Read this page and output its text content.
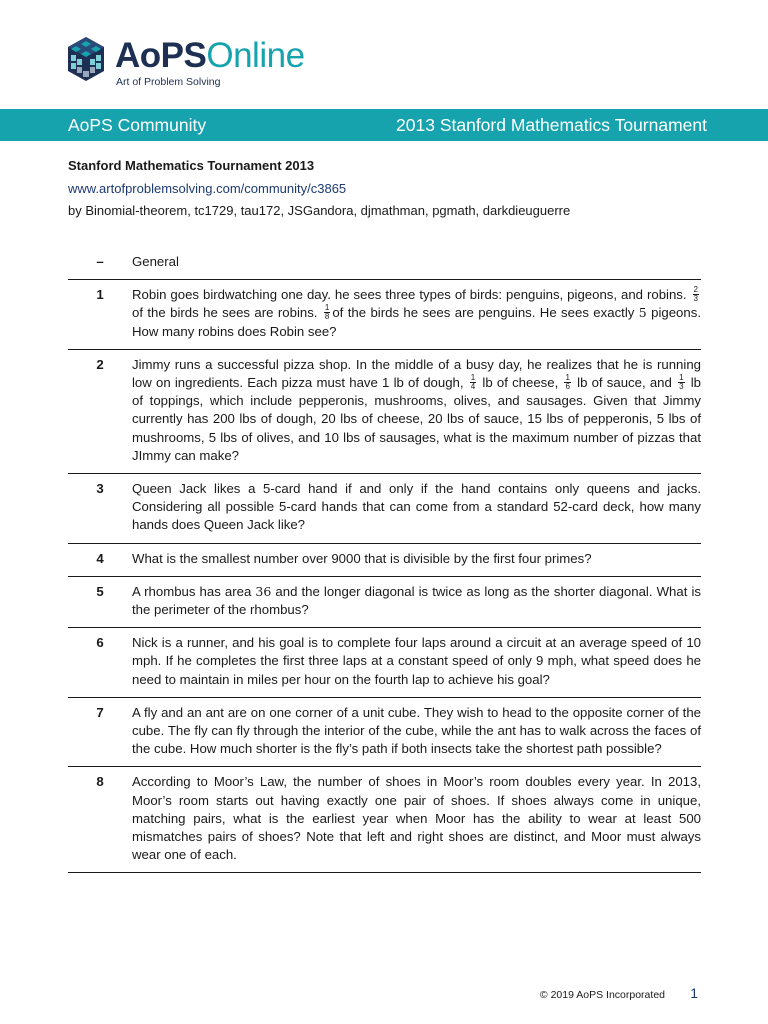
AoPSOnline
Art of Problem Solving
AoPS Community	2013 Stanford Mathematics Tournament
Stanford Mathematics Tournament 2013
www.artofproblemsolving.com/community/c3865
by Binomial-theorem, tc1729, tau172, JSGandora, djmathman, pgmath, darkdieuguerre
–	General
1	Robin goes birdwatching one day. he sees three types of birds: penguins, pigeons, and robins. $\frac{2}{3}$
of the birds he sees are robins. $\frac{1}{8}$ of the birds he sees are penguins. He sees exactly 5 pigeons. How many robins does Robin see?
2	Jimmy runs a successful pizza shop. In the middle of a busy day, he realizes that he is running low on ingredients. Each pizza must have 1 lb of dough, $\frac{1}{4}$ lb of cheese, $\frac{1}{6}$ lb of sauce, and $\frac{1}{3}$ lb of toppings, which include pepperonis, mushrooms, olives, and sausages. Given that Jimmy currently has 200 lbs of dough, 20 lbs of cheese, 20 lbs of sauce, 15 lbs of pepperonis, 5 lbs of mushrooms, 5 lbs of olives, and 10 lbs of sausages, what is the maximum number of pizzas that JImmy can make?
3	Queen Jack likes a 5-card hand if and only if the hand contains only queens and jacks. Considering all possible 5-card hands that can come from a standard 52-card deck, how many hands does Queen Jack like?
4	What is the smallest number over 9000 that is divisible by the first four primes?
5	A rhombus has area 36 and the longer diagonal is twice as long as the shorter diagonal. What is the perimeter of the rhombus?
6	Nick is a runner, and his goal is to complete four laps around a circuit at an average speed of 10 mph. If he completes the first three laps at a constant speed of only 9 mph, what speed does he need to maintain in miles per hour on the fourth lap to achieve his goal?
7	A fly and an ant are on one corner of a unit cube. They wish to head to the opposite corner of the cube. The fly can fly through the interior of the cube, while the ant has to walk across the faces of the cube. How much shorter is the fly’s path if both insects take the shortest path possible?
8	According to Moor’s Law, the number of shoes in Moor’s room doubles every year. In 2013, Moor’s room starts out having exactly one pair of shoes. If shoes always come in unique, matching pairs, what is the earliest year when Moor has the ability to wear at least 500 mismatches pairs of shoes? Note that left and right shoes are distinct, and Moor must always wear one of each.
© 2019 AoPS Incorporated 1
